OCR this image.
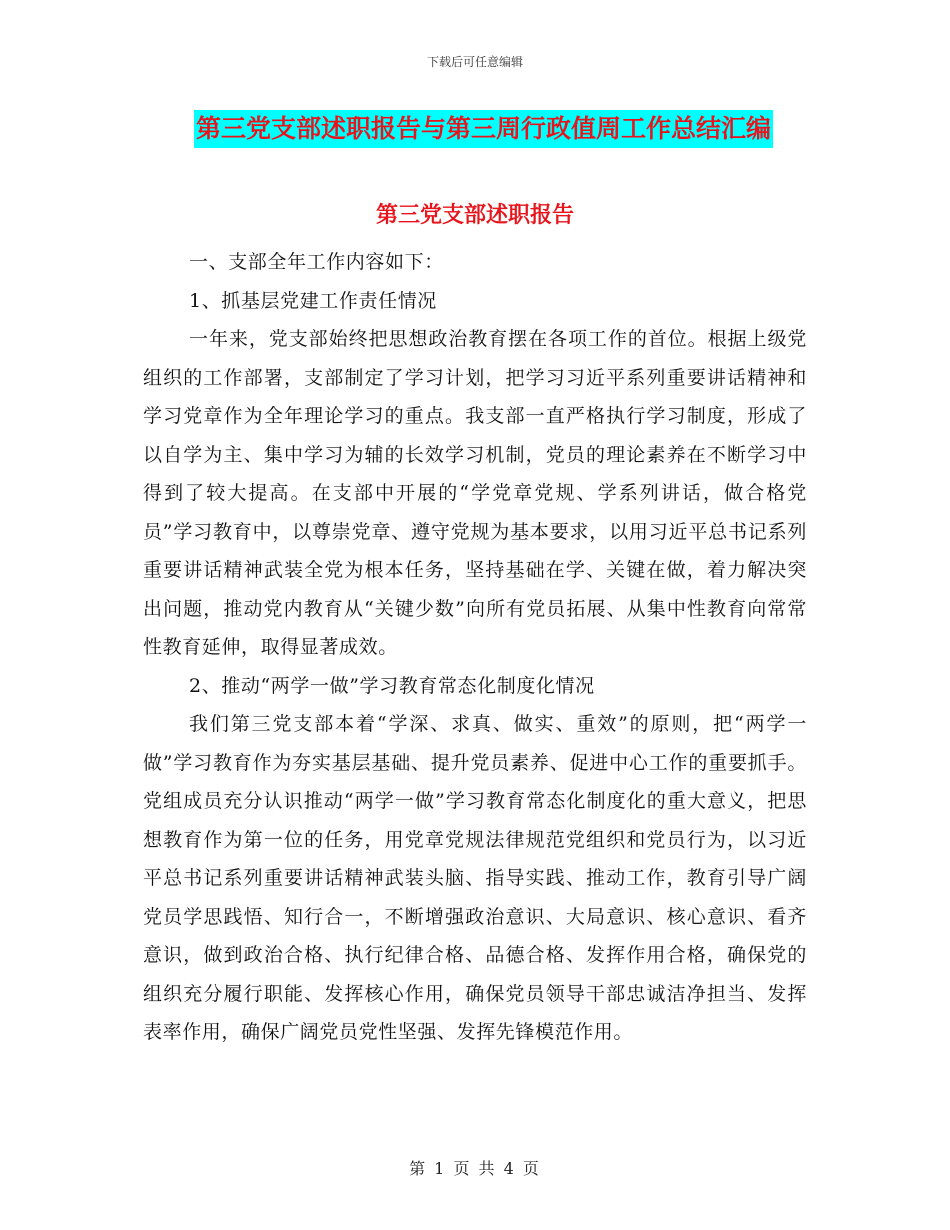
下载后可任意编辑
第三党支部述职报告与第三周行政值周工作总结汇编
第三党支部述职报告

一、支部全年工作内容如下：

1、抓基层党建工作责任情况

一年来，党支部始终把思想政治教育摆在各项工作的首位。根据上级党组织的工作部署，支部制定了学习计划，把学习习近平系列重要讲话精神和学习党章作为全年理论学习的重点。我支部一直严格执行学习制度，形成了以自学为主、集中学习为辅的长效学习机制，党员的理论素养在不断学习中得到了较大提高。在支部中开展的“学党章党规、学系列讲话，做合格党员”学习教育中，以尊崇党章、遵守党规为基本要求，以用习近平总书记系列重要讲话精神武装全党为根本任务，坚持基础在学、关键在做，着力解决突出问题，推动党内教育从“关键少数”向所有党员拓展、从集中性教育向常常性教育延伸，取得显著成效。

2、推动“两学一做”学习教育常态化制度化情况

我们第三党支部本着“学深、求真、做实、重效”的原则，把“两学一做”学习教育作为夯实基层基础、提升党员素养、促进中心工作的重要抓手。党组成员充分认识推动“两学一做”学习教育常态化制度化的重大意义，把思想教育作为第一位的任务，用党章党规法律规范党组织和党员行为，以习近平总书记系列重要讲话精神武装头脑、指导实践、推动工作，教育引导广阔党员学思践悟、知行合一，不断增强政治意识、大局意识、核心意识、看齐意识，做到政治合格、执行纪律合格、品德合格、发挥作用合格，确保党的组织充分履行职能、发挥核心作用，确保党员领导干部忠诚洁净担当、发挥表率作用，确保广阔党员党性坚强、发挥先锋模范作用。

第 1 页 共 4 页
